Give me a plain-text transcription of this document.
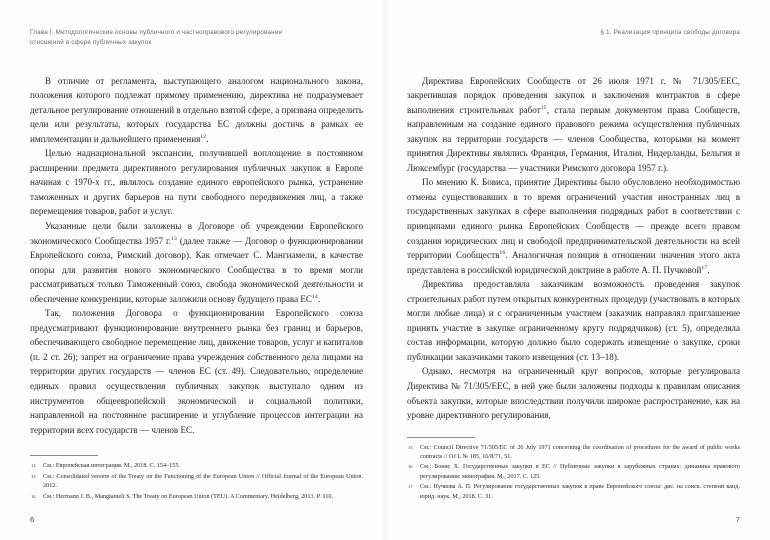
Глава I. Методологические основы публичного и частноправового регулирования
отношений в сфере публичных закупок

В отличие от регламента, выступающего аналогом национального закона, положения которого подлежат прямому применению, директива не подразумевает детальное регулирование отношений в отдельно взятой сфере, а призвана определить цели или результаты, которых государства ЕС должны достичь в рамках ее имплементации и дальнейшего применения$^{12}$.

Целью наднациональной экспансии, получившей воплощение в постоянном расширении предмета директивного регулирования публичных закупок в Европе начиная с 1970-х гг., являлось создание единого европейского рынка, устранение таможенных и других барьеров на пути свободного передвижения лиц, а также перемещения товаров, работ и услуг.

Указанные цели были заложены в Договоре об учреждении Европейского экономического Сообщества 1957 г.$^{13}$ (далее также — Договор о функционировании Европейского союза, Римский договор). Как отмечает С. Мангиамели, в качестве опоры для развития нового экономического Сообщества в то время могли рассматриваться только Таможенный союз, свобода экономической деятельности и обеспечение конкуренции, которые заложили основу будущего права ЕС$^{14}$.

Так, положения Договора о функционировании Европейского союза предусматривают функционирование внутреннего рынка без границ и барьеров, обеспечивающего свободное перемещение лиц, движение товаров, услуг и капиталов (п. 2 ст. 26); запрет на ограничение права учреждения собственного дела лицами на территории других государств — членов ЕС (ст. 49). Следовательно, определение единых правил осуществления публичных закупок выступало одним из инструментов общеевропейской экономической и социальной политики, направленной на постоянное расширение и углубление процессов интеграции на территории всех государств — членов ЕС.

12	См.: Европейская интеграция. М., 2018. С. 154–155.
13	См.: Consolidated version of the Treaty on the Functioning of the European Union // Official Journal of the European Union. 2012.
14	См.: Hermann J. B., Mangiameli S. The Treaty on European Union (TEU). A Commentary. Heidelberg, 2013. P. 110.
6
§ 1. Реализация принципа свободы договора

Директива Европейских Сообществ от 26 июля 1971 г. № 71/305/ЕЕС, закрепившая порядок проведения закупок и заключения контрактов в сфере выполнения строительных работ$^{15}$, стала первым документом права Сообществ, направленным на создание единого правового режима осуществления публичных закупок на территории государств — членов Сообщества, которыми на момент принятия Директивы являлись Франция, Германия, Италия, Нидерланды, Бельгия и Люксембург (государства — участники Римского договора 1957 г.).

По мнению К. Бовиса, принятие Директивы было обусловлено необходимостью отмены существовавших в то время ограничений участия иностранных лиц в государственных закупках в сфере выполнения подрядных работ в соответствии с принципами единого рынка Европейских Сообществ — прежде всего правом создания юридических лиц и свободой предпринимательской деятельности на всей территории Сообществ$^{16}$. Аналогичная позиция в отношении значения этого акта представлена в российской юридической доктрине в работе А. П. Пучковой$^{17}$.

Директива предоставляла заказчикам возможность проведения закупок строительных работ путем открытых конкурентных процедур (участвовать в которых могли любые лица) и с ограниченным участием (заказчик направлял приглашение принять участие в закупке ограниченному кругу подрядчиков) (ст. 5), определяла состав информации, которую должно было содержать извещение о закупке, сроки публикации заказчиками такого извещения (ст. 13–18).

Однако, несмотря на ограниченный круг вопросов, которые регулировала Директива № 71/305/ЕЕС, в ней уже были заложены подходы к правилам описания объекта закупки, которые впоследствии получили широкое распространение, как на уровне директивного регулирования,

15	См.: Council Directive 71/305/EC of 26 July 1971 concerning the coordination of procedures for the award of public works contracts // OJ L № 185, 16/8/71, 51.
16	См.: Бовис Х. Государственные закупки в ЕС // Публичные закупки в зарубежных странах: динамика правового регулирования: монография. М., 2017. С. 125.
17	См.: Пучкова А. П. Регулирование государственных закупок в праве Европейского союза: дис. на соиск. степени канд. юрид. наук. М., 2018. С. 31.
7
